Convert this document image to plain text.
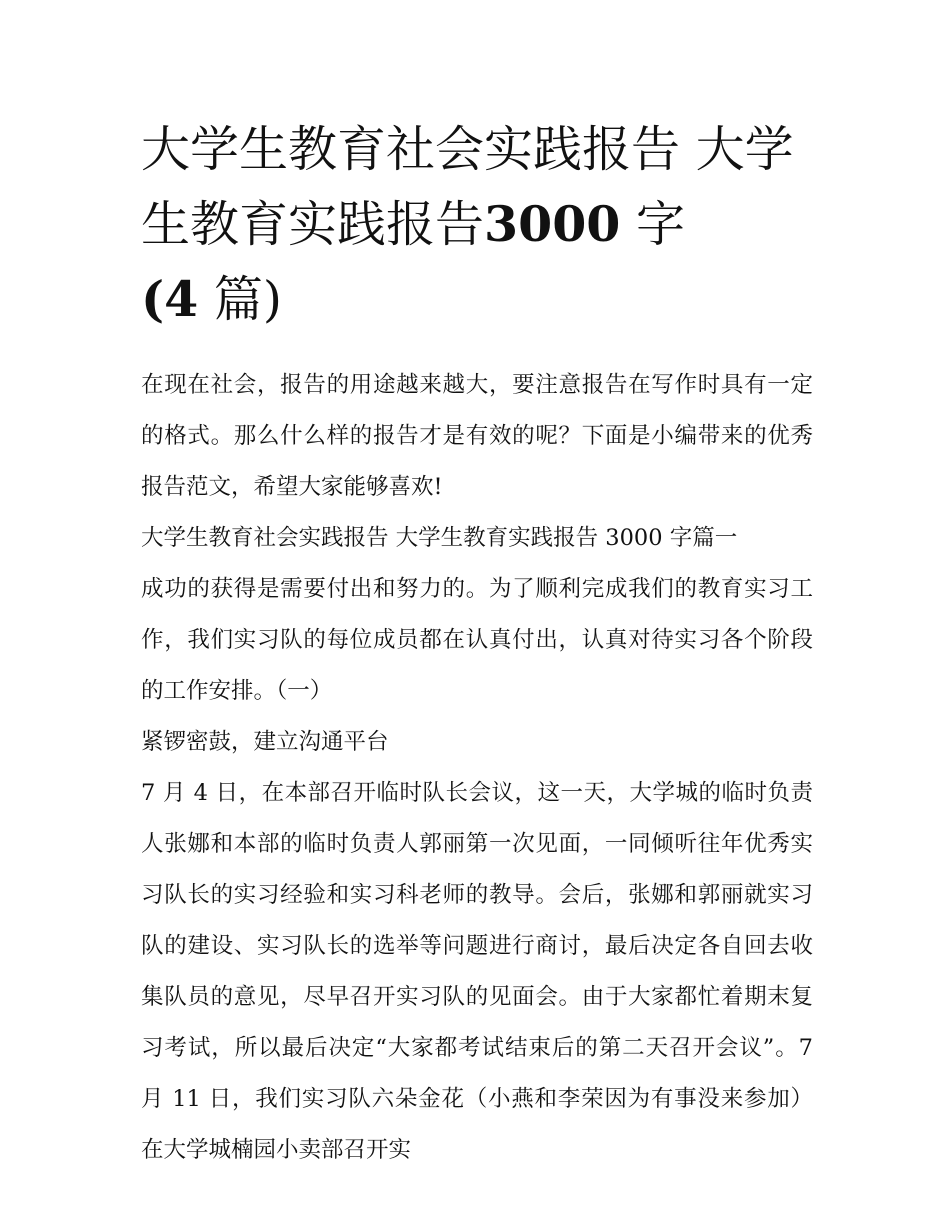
大学生教育社会实践报告 大学
生教育实践报告3000 字(4 篇)

在现在社会，报告的用途越来越大，要注意报告在写作时具有一定的格式。那么什么样的报告才是有效的呢？下面是小编带来的优秀报告范文，希望大家能够喜欢!

大学生教育社会实践报告 大学生教育实践报告 3000 字篇一

成功的获得是需要付出和努力的。为了顺利完成我们的教育实习工作，我们实习队的每位成员都在认真付出，认真对待实习各个阶段的工作安排。（一）

紧锣密鼓，建立沟通平台

7 月 4 日，在本部召开临时队长会议，这一天，大学城的临时负责人张娜和本部的临时负责人郭丽第一次见面，一同倾听往年优秀实习队长的实习经验和实习科老师的教导。会后，张娜和郭丽就实习队的建设、实习队长的选举等问题进行商讨，最后决定各自回去收集队员的意见，尽早召开实习队的见面会。由于大家都忙着期末复习考试，所以最后决定“大家都考试结束后的第二天召开会议”。7 月 11 日，我们实习队六朵金花（小燕和李荣因为有事没来参加）在大学城楠园小卖部召开实
